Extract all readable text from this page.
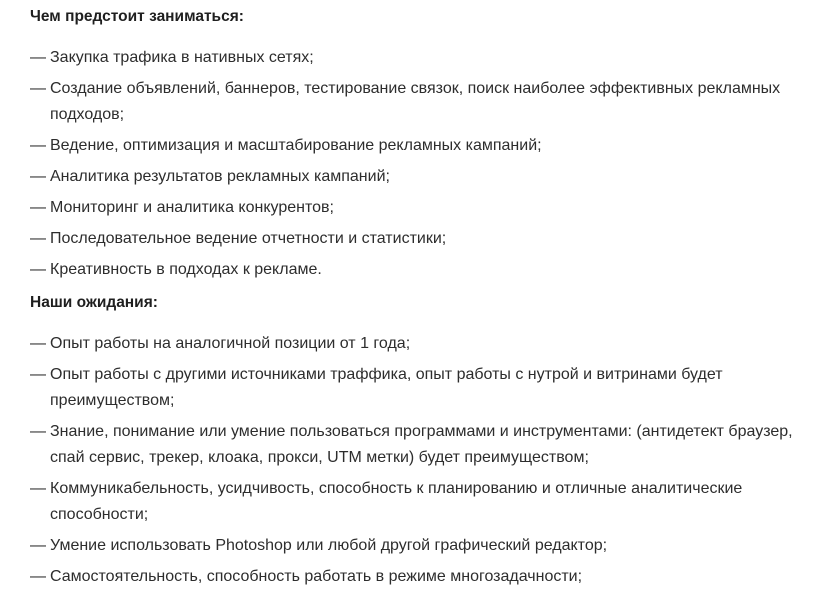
Чем предстоит заниматься:
— Закупка трафика в нативных сетях;
— Создание объявлений, баннеров, тестирование связок, поиск наиболее эффективных рекламных подходов;
— Ведение, оптимизация и масштабирование рекламных кампаний;
— Аналитика результатов рекламных кампаний;
— Мониторинг и аналитика конкурентов;
— Последовательное ведение отчетности и статистики;
— Креативность в подходах к рекламе.
Наши ожидания:
— Опыт работы на аналогичной позиции от 1 года;
— Опыт работы с другими источниками траффика, опыт работы с нутрой и витринами будет преимуществом;
— Знание, понимание или умение пользоваться программами и инструментами: (антидетект браузер, спай сервис, трекер, клоака, прокси, UTM метки) будет преимуществом;
— Коммуникабельность, усидчивость, способность к планированию и отличные аналитические способности;
— Умение использовать Photoshop или любой другой графический редактор;
— Самостоятельность, способность работать в режиме многозадачности;
